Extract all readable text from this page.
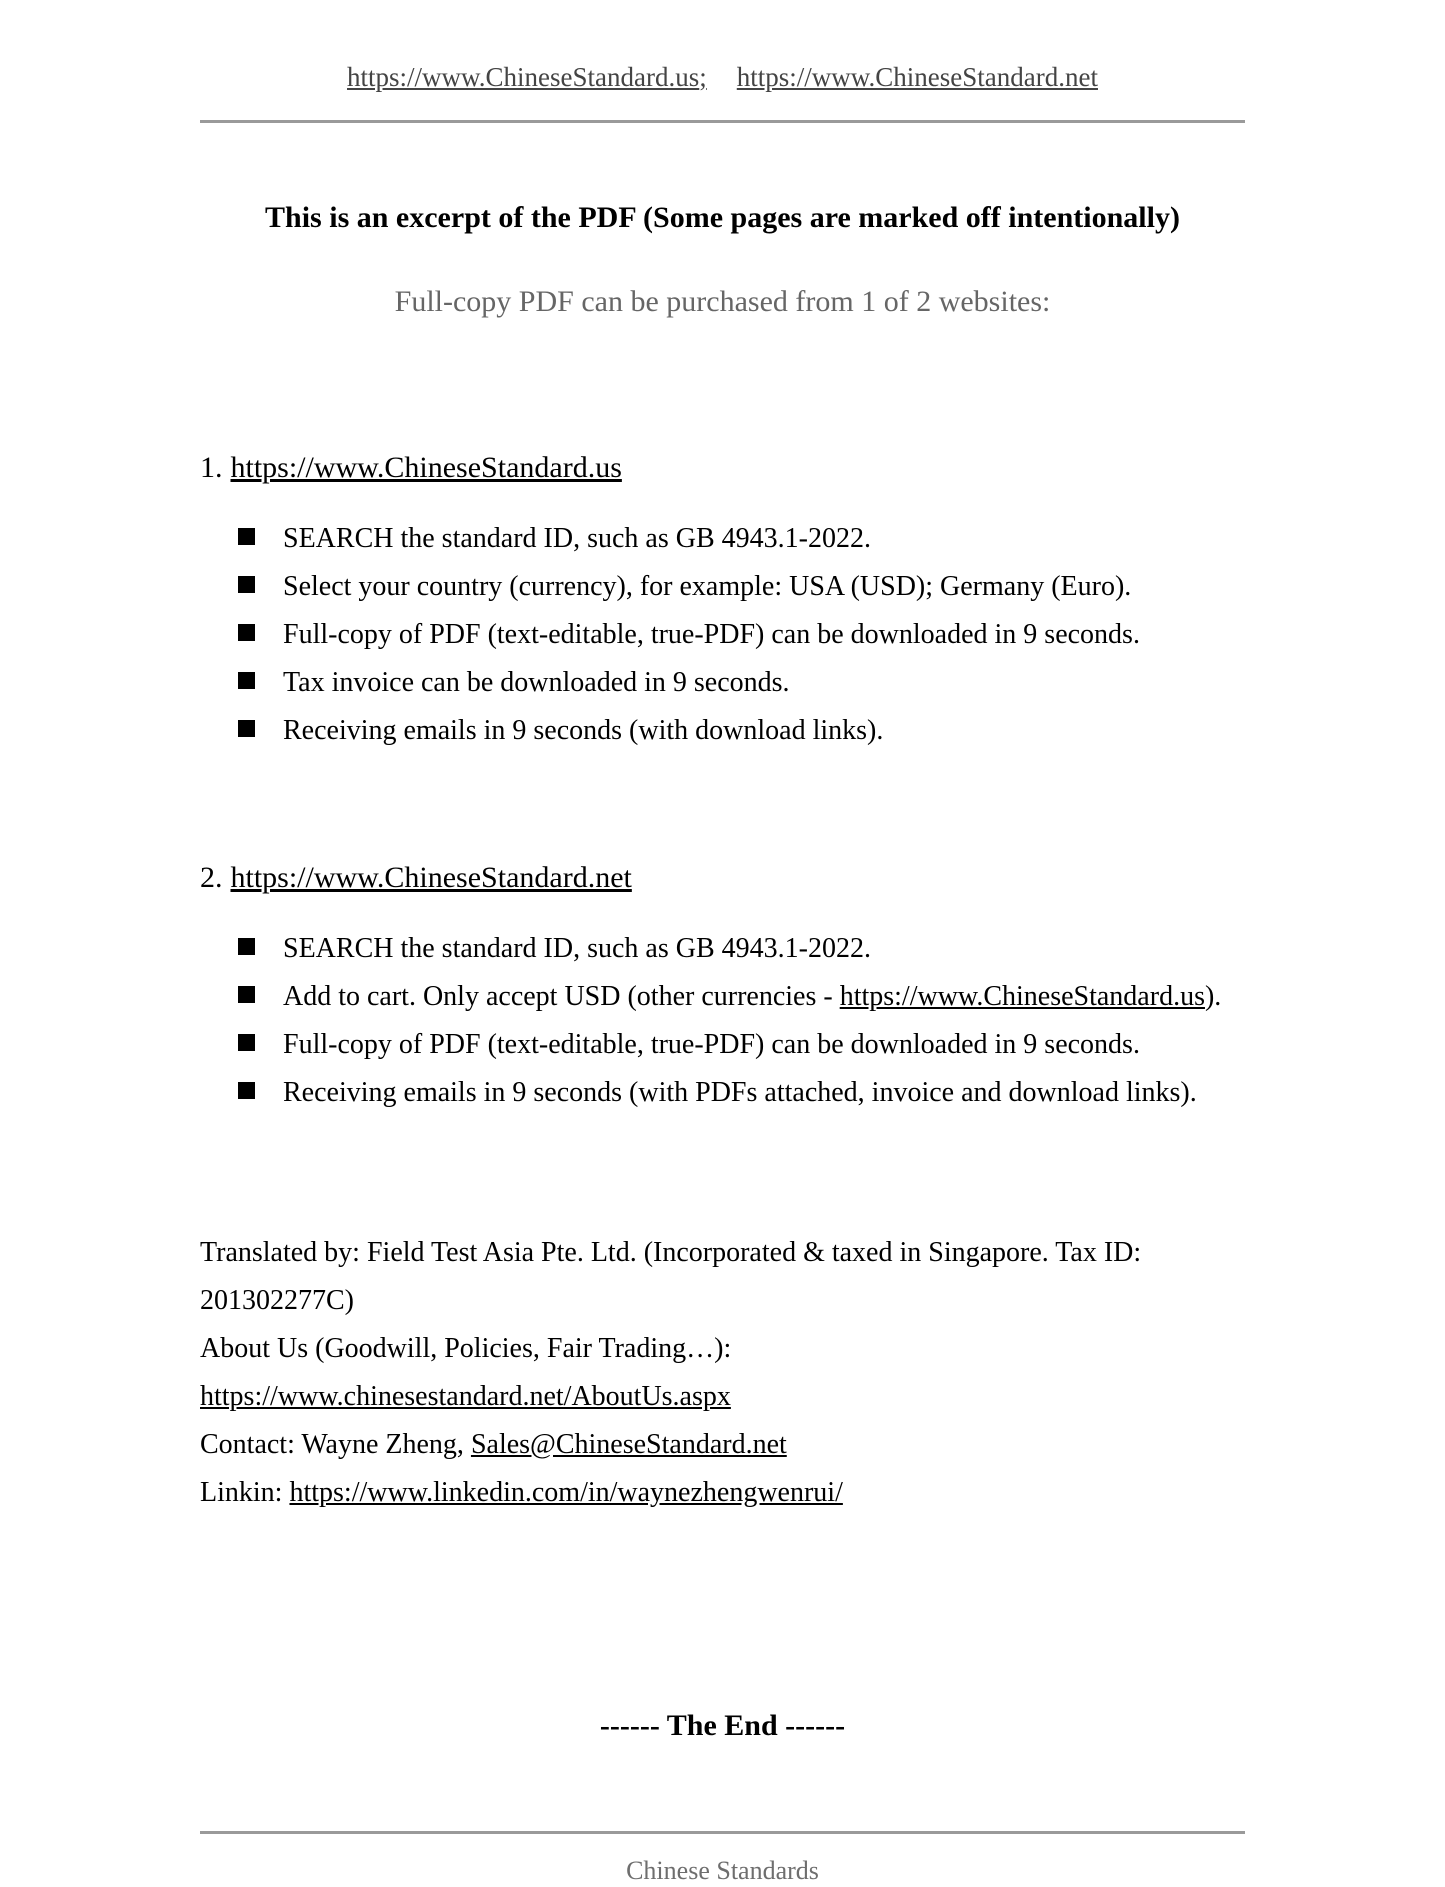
https://www.ChineseStandard.us; https://www.ChineseStandard.net
This is an excerpt of the PDF (Some pages are marked off intentionally)
Full-copy PDF can be purchased from 1 of 2 websites:
1. https://www.ChineseStandard.us
SEARCH the standard ID, such as GB 4943.1-2022.
Select your country (currency), for example: USA (USD); Germany (Euro).
Full-copy of PDF (text-editable, true-PDF) can be downloaded in 9 seconds.
Tax invoice can be downloaded in 9 seconds.
Receiving emails in 9 seconds (with download links).
2. https://www.ChineseStandard.net
SEARCH the standard ID, such as GB 4943.1-2022.
Add to cart. Only accept USD (other currencies - https://www.ChineseStandard.us).
Full-copy of PDF (text-editable, true-PDF) can be downloaded in 9 seconds.
Receiving emails in 9 seconds (with PDFs attached, invoice and download links).
Translated by: Field Test Asia Pte. Ltd. (Incorporated & taxed in Singapore. Tax ID: 201302277C)
About Us (Goodwill, Policies, Fair Trading…): https://www.chinesestandard.net/AboutUs.aspx
Contact: Wayne Zheng, Sales@ChineseStandard.net
Linkin: https://www.linkedin.com/in/waynezhengwenrui/
------ The End ------
Chinese Standards
